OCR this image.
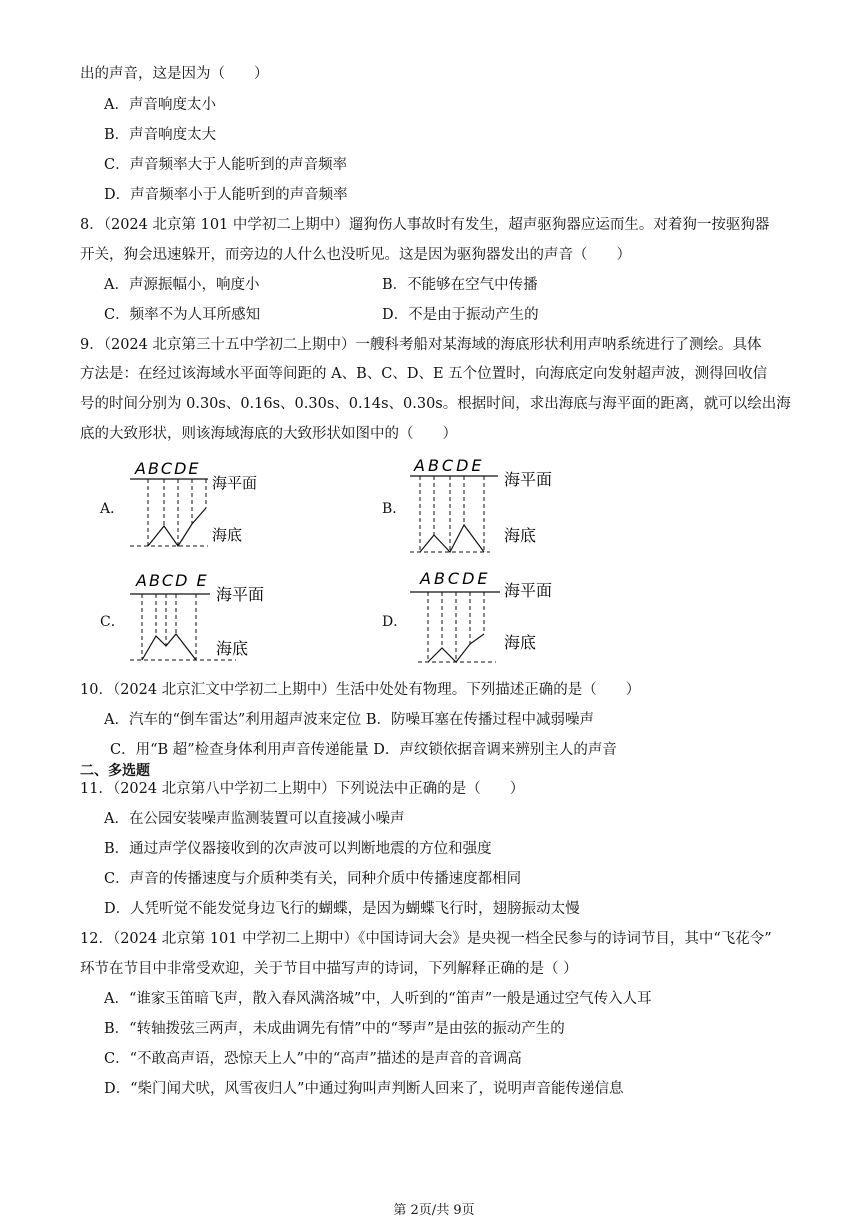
出的声音，这是因为（　　）
A．声音响度太小
B．声音响度太大
C．声音频率大于人能听到的声音频率
D．声音频率小于人能听到的声音频率
8．（2024 北京第 101 中学初二上期中）遛狗伤人事故时有发生，超声驱狗器应运而生。对着狗一按驱狗器
开关，狗会迅速躲开，而旁边的人什么也没听见。这是因为驱狗器发出的声音（　　）
A．声源振幅小，响度小	B．不能够在空气中传播
C．频率不为人耳所感知	D．不是由于振动产生的
9．（2024 北京第三十五中学初二上期中）一艘科考船对某海域的海底形状利用声呐系统进行了测绘。具体
方法是：在经过该海域水平面等间距的 A、B、C、D、E 五个位置时，向海底定向发射超声波，测得回收信
号的时间分别为 0.30s、0.16s、0.30s、0.14s、0.30s。根据时间，求出海底与海平面的距离，就可以绘出海
底的大致形状，则该海域海底的大致形状如图中的（　　）
A．
ABCDE
海平面
海底
B．
ABCDE
海平面
海底
C．
ABCD E
海平面
海底
D．
ABCDE
海平面
海底
10．（2024 北京汇文中学初二上期中）生活中处处有物理。下列描述正确的是（　　）
A．汽车的“倒车雷达”利用超声波来定位 B．防噪耳塞在传播过程中减弱噪声
C．用“B 超”检查身体利用声音传递能量 D．声纹锁依据音调来辨别主人的声音
二、多选题
11．（2024 北京第八中学初二上期中）下列说法中正确的是（　　）
A．在公园安装噪声监测装置可以直接减小噪声
B．通过声学仪器接收到的次声波可以判断地震的方位和强度
C．声音的传播速度与介质种类有关，同种介质中传播速度都相同
D．人凭听觉不能发觉身边飞行的蝴蝶，是因为蝴蝶飞行时，翅膀振动太慢
12．（2024 北京第 101 中学初二上期中）《中国诗词大会》是央视一档全民参与的诗词节目，其中“飞花令”
环节在节目中非常受欢迎，关于节目中描写声的诗词，下列解释正确的是（ ）
A．“谁家玉笛暗飞声，散入春风满洛城”中，人听到的“笛声”一般是通过空气传入人耳
B．“转轴拨弦三两声，未成曲调先有情”中的“琴声”是由弦的振动产生的
C．“不敢高声语，恐惊天上人”中的“高声”描述的是声音的音调高
D．“柴门闻犬吠，风雪夜归人”中通过狗叫声判断人回来了，说明声音能传递信息
第 2页/共 9页
